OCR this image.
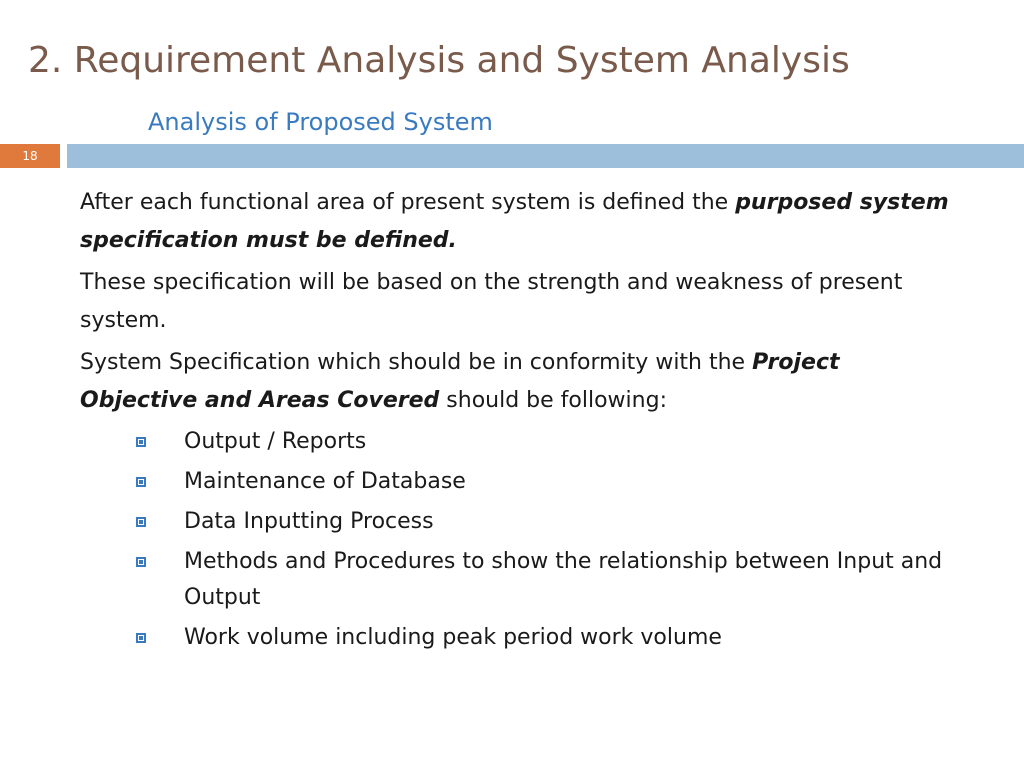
2. Requirement Analysis and System Analysis
Analysis of Proposed System
18

After each functional area of present system is defined the purposed system specification must be defined.

These specification will be based on the strength and weakness of present system.

System Specification which should be in conformity with the Project Objective and Areas Covered should be following:

Output / Reports
Maintenance of Database
Data Inputting Process
Methods and Procedures to show the relationship between Input and Output
Work volume including peak period work volume
